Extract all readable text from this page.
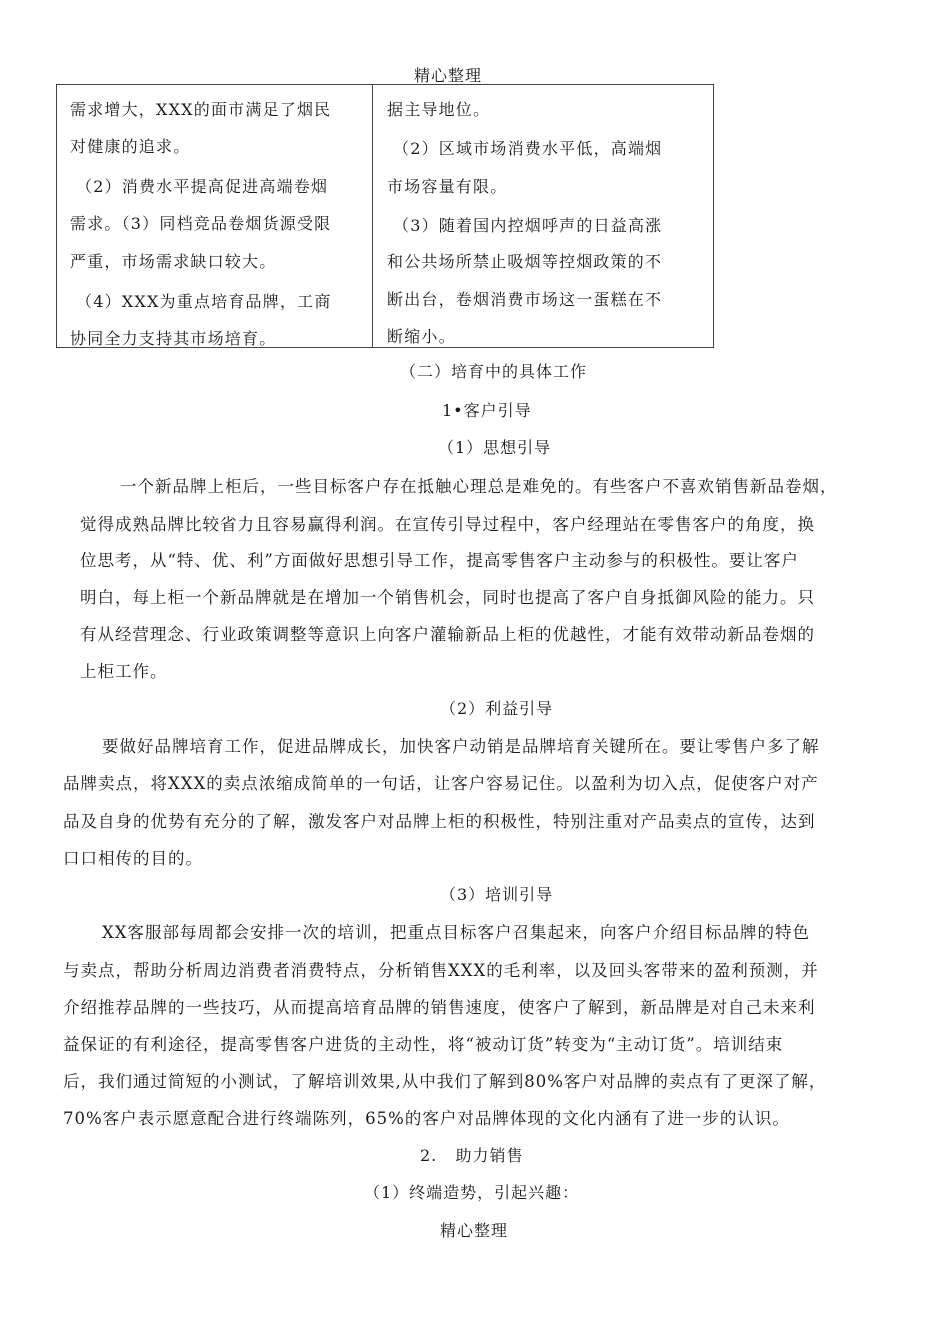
精心整理
需求增大，XXX的面市满足了烟民
对健康的追求。
（2）消费水平提高促进高端卷烟
需求。（3）同档竞品卷烟货源受限
严重，市场需求缺口较大。
（4）XXX为重点培育品牌，工商
协同全力支持其市场培育。
据主导地位。
（2）区域市场消费水平低，高端烟
市场容量有限。
（3）随着国内控烟呼声的日益高涨
和公共场所禁止吸烟等控烟政策的不
断出台，卷烟消费市场这一蛋糕在不
断缩小。
（二）培育中的具体工作
1•客户引导
（1）思想引导
一个新品牌上柜后，一些目标客户存在抵触心理总是难免的。有些客户不喜欢销售新品卷烟，
觉得成熟品牌比较省力且容易赢得利润。在宣传引导过程中，客户经理站在零售客户的角度，换
位思考，从“特、优、利”方面做好思想引导工作，提高零售客户主动参与的积极性。要让客户
明白，每上柜一个新品牌就是在增加一个销售机会，同时也提高了客户自身抵御风险的能力。只
有从经营理念、行业政策调整等意识上向客户灌输新品上柜的优越性，才能有效带动新品卷烟的
上柜工作。
（2）利益引导
要做好品牌培育工作，促进品牌成长，加快客户动销是品牌培育关键所在。要让零售户多了解
品牌卖点，将XXX的卖点浓缩成简单的一句话，让客户容易记住。以盈利为切入点，促使客户对产
品及自身的优势有充分的了解，激发客户对品牌上柜的积极性，特别注重对产品卖点的宣传，达到
口口相传的目的。
（3）培训引导
XX客服部每周都会安排一次的培训，把重点目标客户召集起来，向客户介绍目标品牌的特色
与卖点，帮助分析周边消费者消费特点，分析销售XXX的毛利率，以及回头客带来的盈利预测，并
介绍推荐品牌的一些技巧，从而提高培育品牌的销售速度，使客户了解到，新品牌是对自己未来利
益保证的有利途径，提高零售客户进货的主动性，将“被动订货”转变为“主动订货”。培训结束
后，我们通过简短的小测试，了解培训效果,从中我们了解到80%客户对品牌的卖点有了更深了解，
70%客户表示愿意配合进行终端陈列，65%的客户对品牌体现的文化内涵有了进一步的认识。
2.   助力销售
（1）终端造势，引起兴趣：
精心整理
